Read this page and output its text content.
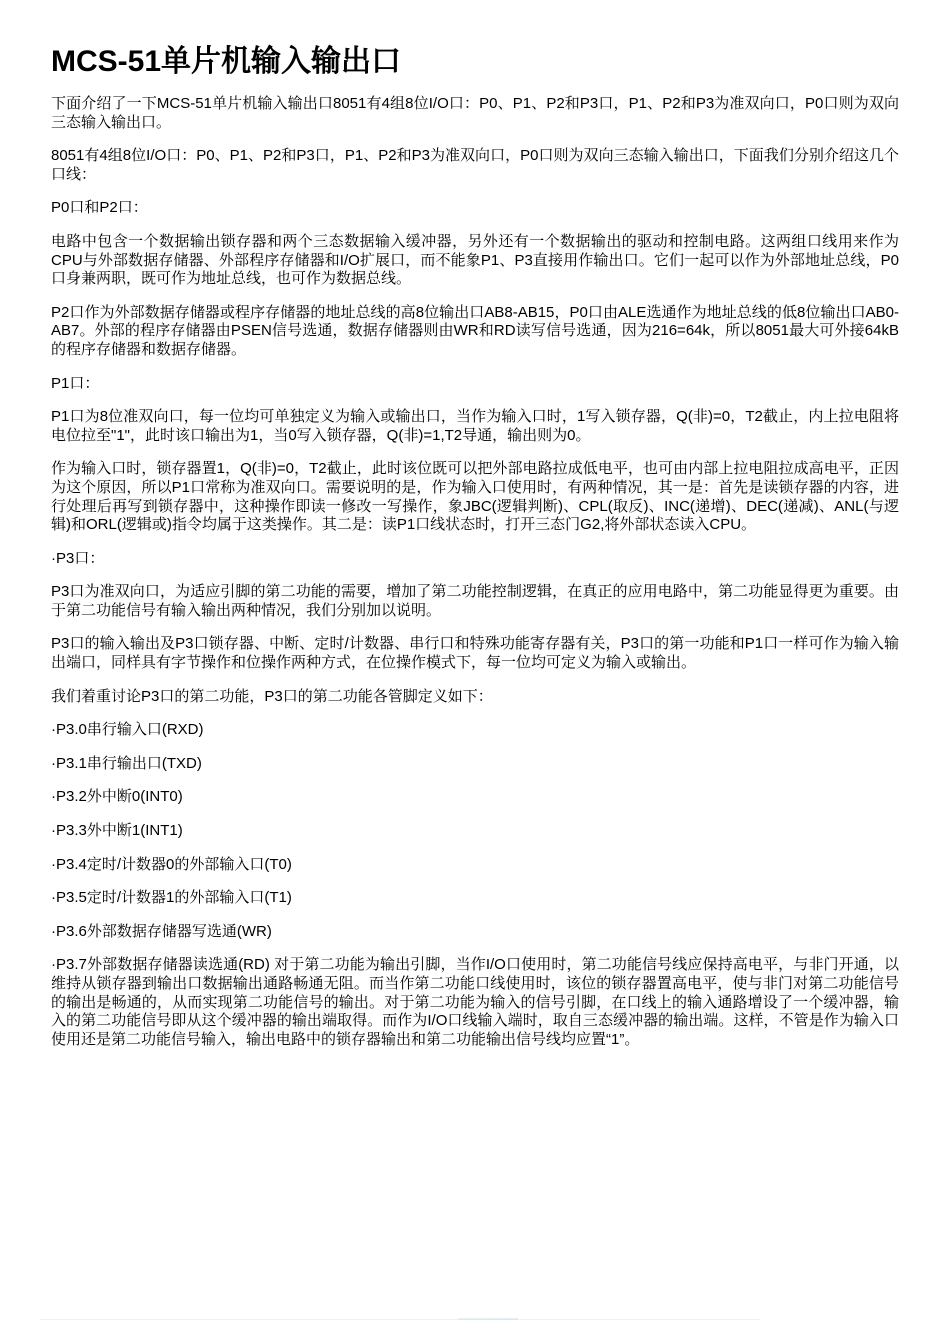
MCS-51单片机输入输出口

下面介绍了一下MCS-51单片机输入输出口8051有4组8位I/O口：P0、P1、P2和P3口，P1、P2和P3为准双向口，P0口则为双向三态输入输出口。

8051有4组8位I/O口：P0、P1、P2和P3口，P1、P2和P3为准双向口，P0口则为双向三态输入输出口，下面我们分别介绍这几个口线：

P0口和P2口：

电路中包含一个数据输出锁存器和两个三态数据输入缓冲器，另外还有一个数据输出的驱动和控制电路。这两组口线用来作为CPU与外部数据存储器、外部程序存储器和I/O扩展口，而不能象P1、P3直接用作输出口。它们一起可以作为外部地址总线，P0口身兼两职，既可作为地址总线，也可作为数据总线。

P2口作为外部数据存储器或程序存储器的地址总线的高8位输出口AB8-AB15，P0口由ALE选通作为地址总线的低8位输出口AB0-AB7。外部的程序存储器由PSEN信号选通，数据存储器则由WR和RD读写信号选通，因为216=64k，所以8051最大可外接64kB的程序存储器和数据存储器。

P1口：

P1口为8位准双向口，每一位均可单独定义为输入或输出口，当作为输入口时，1写入锁存器，Q(非)=0，T2截止，内上拉电阻将电位拉至"1"，此时该口输出为1，当0写入锁存器，Q(非)=1,T2导通，输出则为0。

作为输入口时，锁存器置1，Q(非)=0，T2截止，此时该位既可以把外部电路拉成低电平，也可由内部上拉电阻拉成高电平，正因为这个原因，所以P1口常称为准双向口。需要说明的是，作为输入口使用时，有两种情况，其一是：首先是读锁存器的内容，进行处理后再写到锁存器中，这种操作即读一修改一写操作，象JBC(逻辑判断)、CPL(取反)、INC(递增)、DEC(递减)、ANL(与逻辑)和ORL(逻辑或)指令均属于这类操作。其二是：读P1口线状态时，打开三态门G2,将外部状态读入CPU。

·P3口：

P3口为准双向口，为适应引脚的第二功能的需要，增加了第二功能控制逻辑，在真正的应用电路中，第二功能显得更为重要。由于第二功能信号有输入输出两种情况，我们分别加以说明。

P3口的输入输出及P3口锁存器、中断、定时/计数器、串行口和特殊功能寄存器有关，P3口的第一功能和P1口一样可作为输入输出端口，同样具有字节操作和位操作两种方式，在位操作模式下，每一位均可定义为输入或输出。

我们着重讨论P3口的第二功能，P3口的第二功能各管脚定义如下：

·P3.0串行输入口(RXD)

·P3.1串行输出口(TXD)

·P3.2外中断0(INT0)

·P3.3外中断1(INT1)

·P3.4定时/计数器0的外部输入口(T0)

·P3.5定时/计数器1的外部输入口(T1)

·P3.6外部数据存储器写选通(WR)

·P3.7外部数据存储器读选通(RD) 对于第二功能为输出引脚，当作I/O口使用时，第二功能信号线应保持高电平，与非门开通，以维持从锁存器到输出口数据输出通路畅通无阻。而当作第二功能口线使用时，该位的锁存器置高电平，使与非门对第二功能信号的输出是畅通的，从而实现第二功能信号的输出。对于第二功能为输入的信号引脚，在口线上的输入通路增设了一个缓冲器，输入的第二功能信号即从这个缓冲器的输出端取得。而作为I/O口线输入端时，取自三态缓冲器的输出端。这样，不管是作为输入口使用还是第二功能信号输入，输出电路中的锁存器输出和第二功能输出信号线均应置“1”。
